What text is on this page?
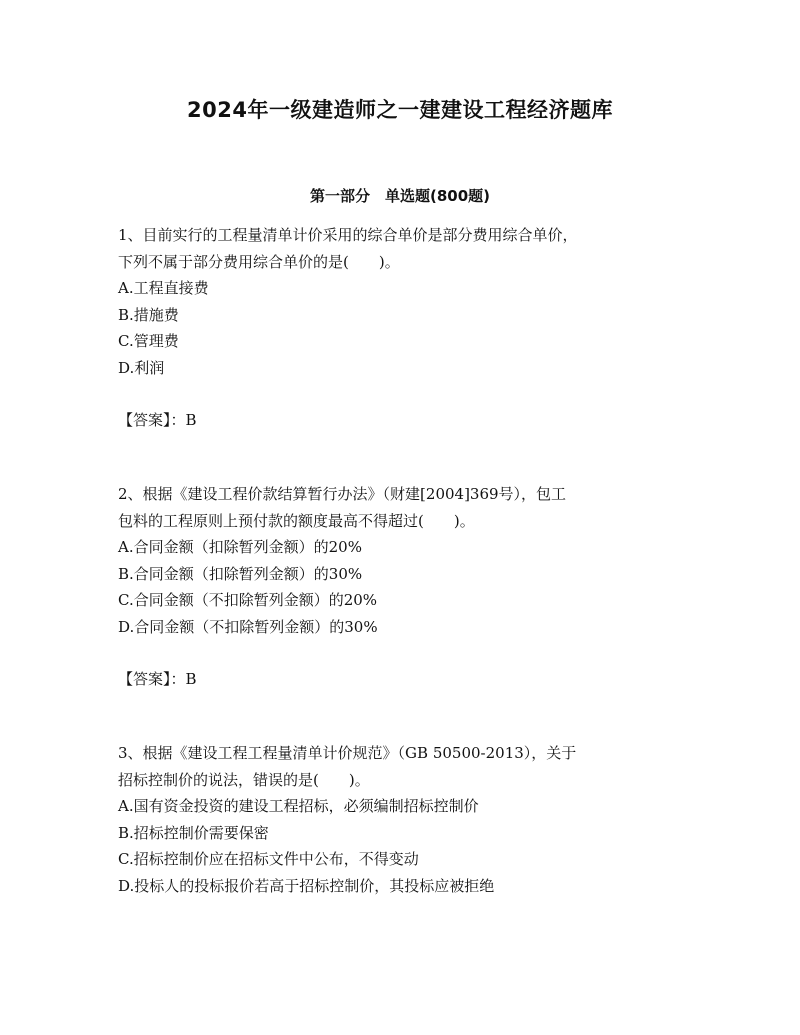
2024年一级建造师之一建建设工程经济题库
第一部分　单选题(800题)
1、目前实行的工程量清单计价采用的综合单价是部分费用综合单价，
下列不属于部分费用综合单价的是(　　)。
A.工程直接费
B.措施费
C.管理费
D.利润
【答案】：B
2、根据《建设工程价款结算暂行办法》（财建[2004]369号），包工
包料的工程原则上预付款的额度最高不得超过(　　)。
A.合同金额（扣除暂列金额）的20%
B.合同金额（扣除暂列金额）的30%
C.合同金额（不扣除暂列金额）的20%
D.合同金额（不扣除暂列金额）的30%
【答案】：B
3、根据《建设工程工程量清单计价规范》（GB 50500-2013），关于
招标控制价的说法，错误的是(　　)。
A.国有资金投资的建设工程招标，必须编制招标控制价
B.招标控制价需要保密
C.招标控制价应在招标文件中公布，不得变动
D.投标人的投标报价若高于招标控制价，其投标应被拒绝
